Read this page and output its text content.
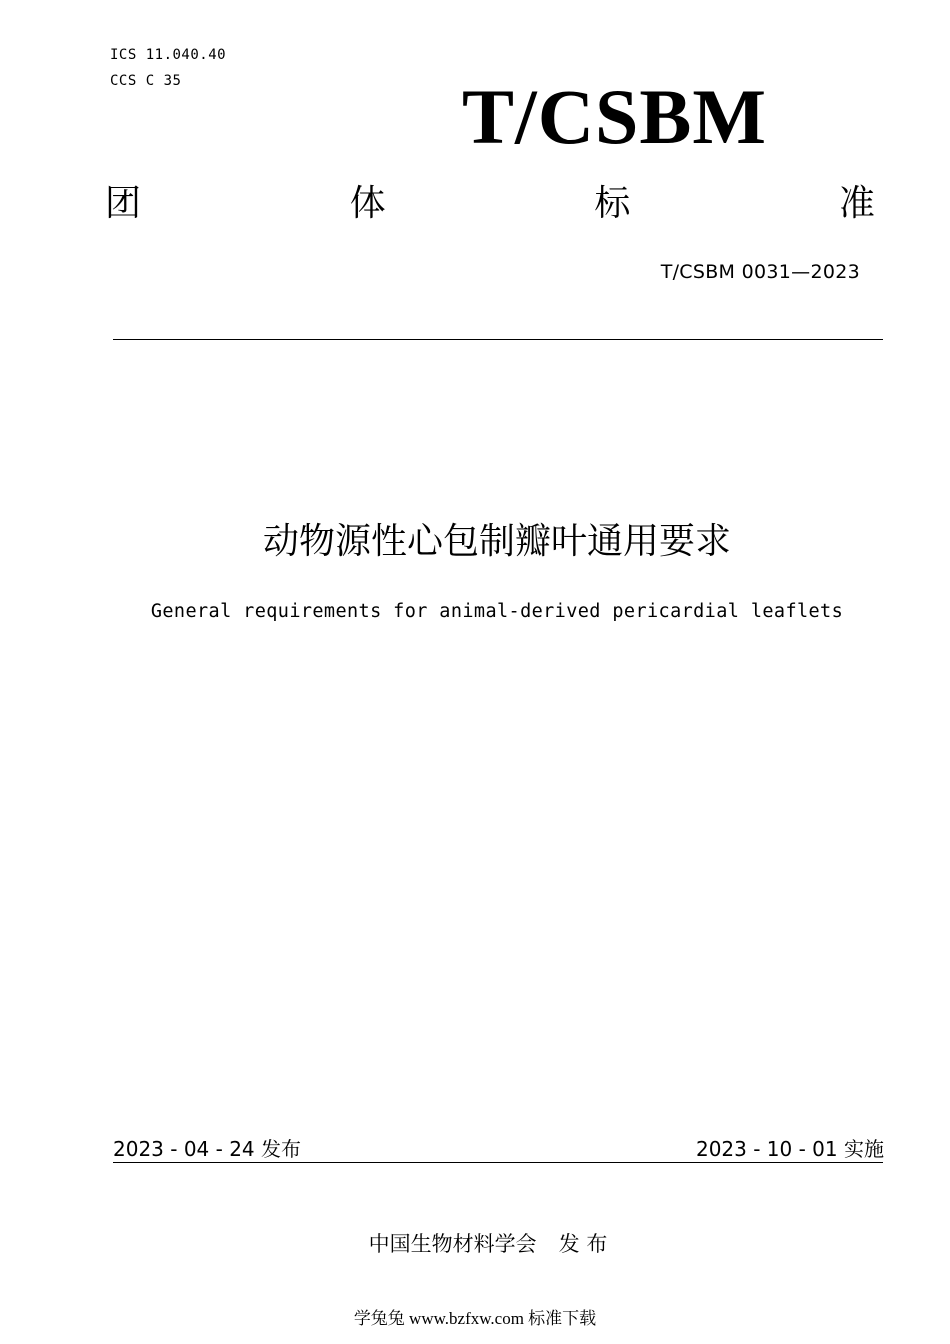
ICS 11.040.40
CCS C 35	T/CSBM
团	体	标	准
T/CSBM 0031—2023
动物源性心包制瓣叶通用要求
General requirements for animal-derived pericardial leaflets
2023 - 04 - 24 发布	2023 - 10 - 01 实施
中国生物材料学会 发 布
学兔兔 www.bzfxw.com 标准下载
